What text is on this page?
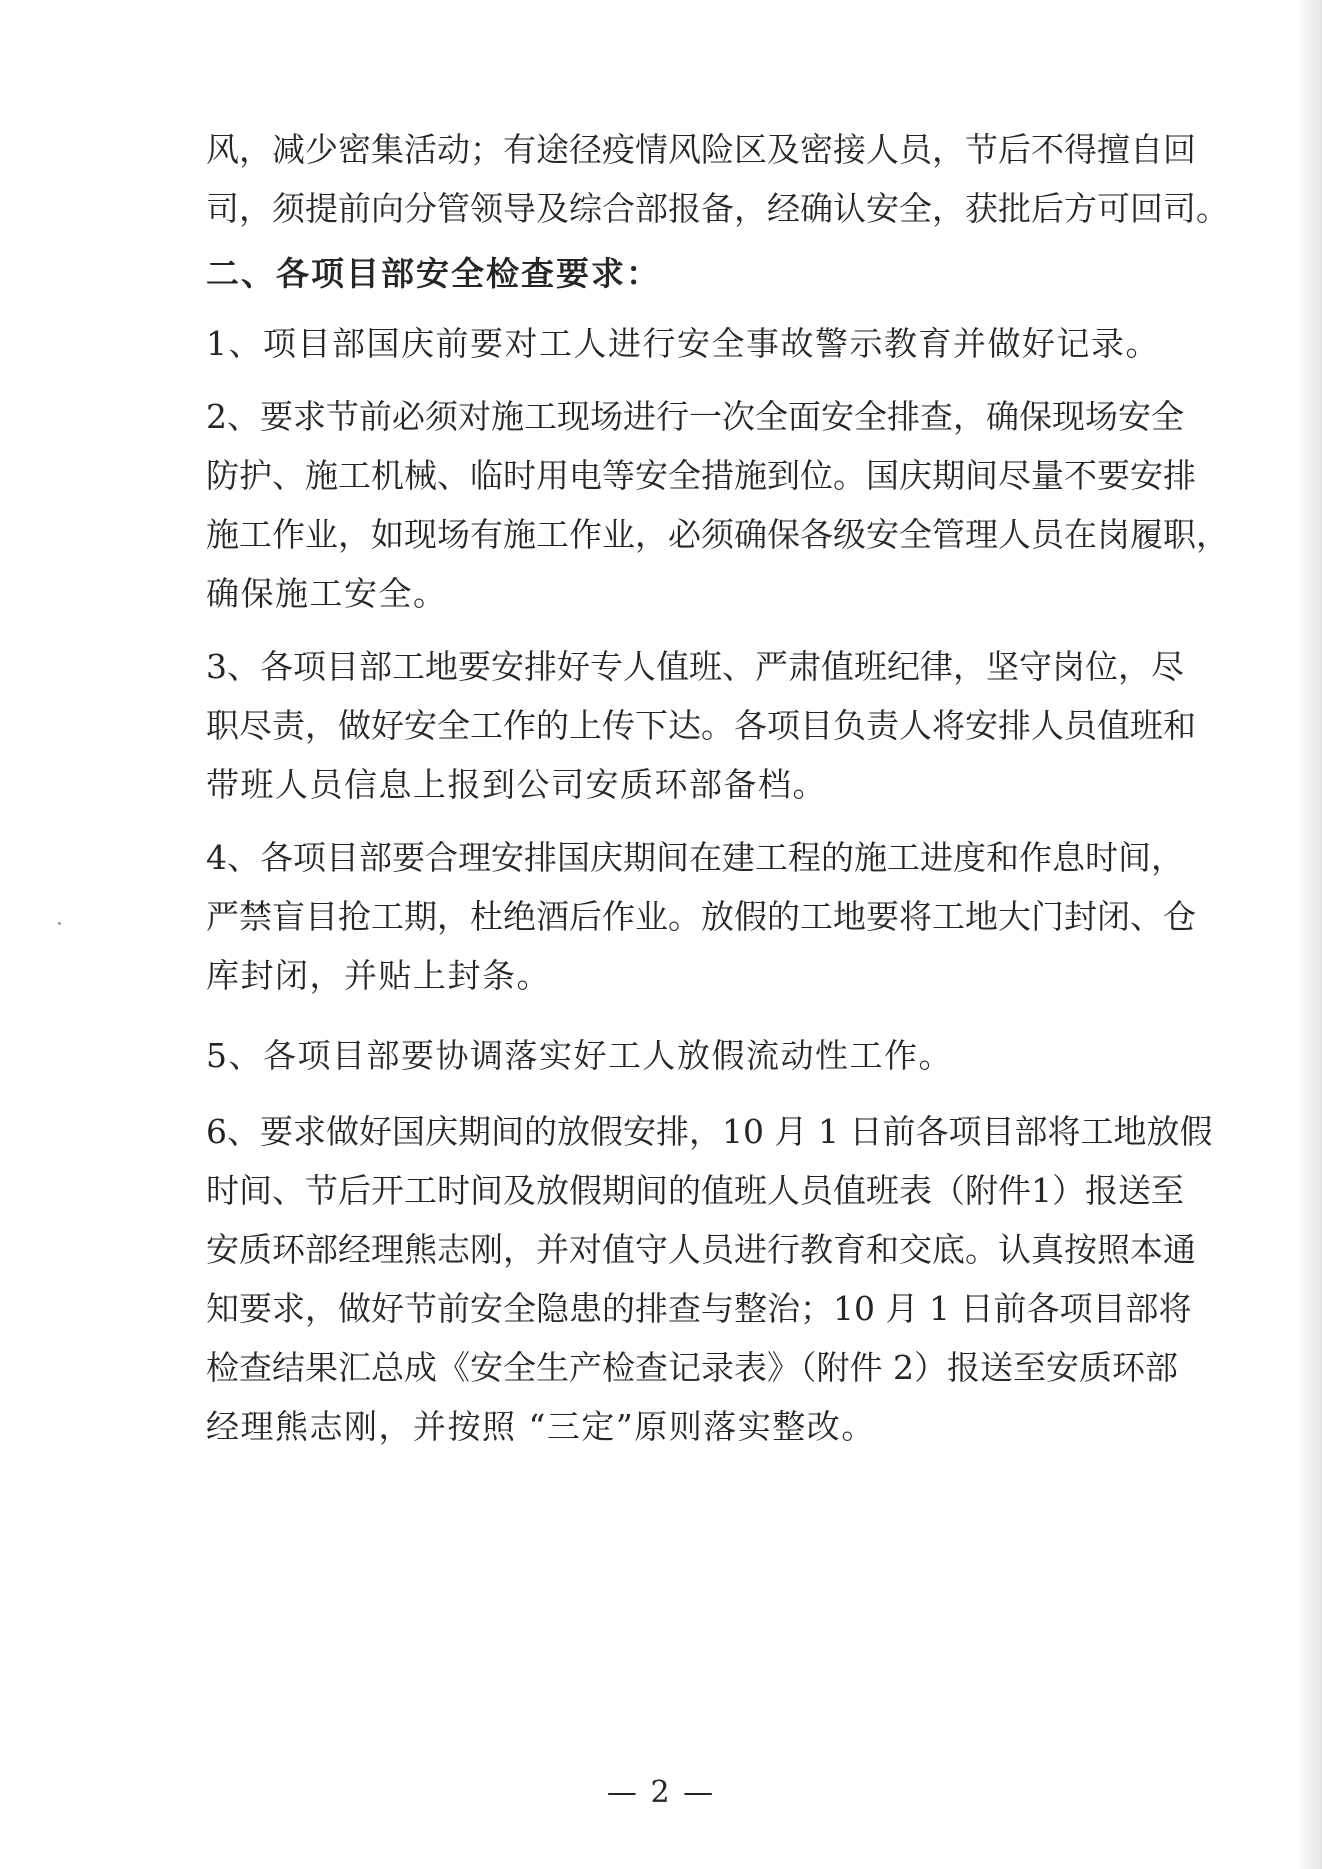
风，减少密集活动；有途径疫情风险区及密接人员，节后不得擅自回
司，须提前向分管领导及综合部报备，经确认安全，获批后方可回司。
二、各项目部安全检查要求：
1、项目部国庆前要对工人进行安全事故警示教育并做好记录。
2、要求节前必须对施工现场进行一次全面安全排查，确保现场安全
防护、施工机械、临时用电等安全措施到位。国庆期间尽量不要安排
施工作业，如现场有施工作业，必须确保各级安全管理人员在岗履职，
确保施工安全。
3、各项目部工地要安排好专人值班、严肃值班纪律，坚守岗位，尽
职尽责，做好安全工作的上传下达。各项目负责人将安排人员值班和
带班人员信息上报到公司安质环部备档。
4、各项目部要合理安排国庆期间在建工程的施工进度和作息时间，
严禁盲目抢工期，杜绝酒后作业。放假的工地要将工地大门封闭、仓
库封闭，并贴上封条。
5、各项目部要协调落实好工人放假流动性工作。
6、要求做好国庆期间的放假安排，10 月 1 日前各项目部将工地放假
时间、节后开工时间及放假期间的值班人员值班表（附件1）报送至
安质环部经理熊志刚，并对值守人员进行教育和交底。认真按照本通
知要求，做好节前安全隐患的排查与整治；10 月 1 日前各项目部将
检查结果汇总成《安全生产检查记录表》（附件 2）报送至安质环部
经理熊志刚，并按照 “三定”原则落实整改。
— 2 —
